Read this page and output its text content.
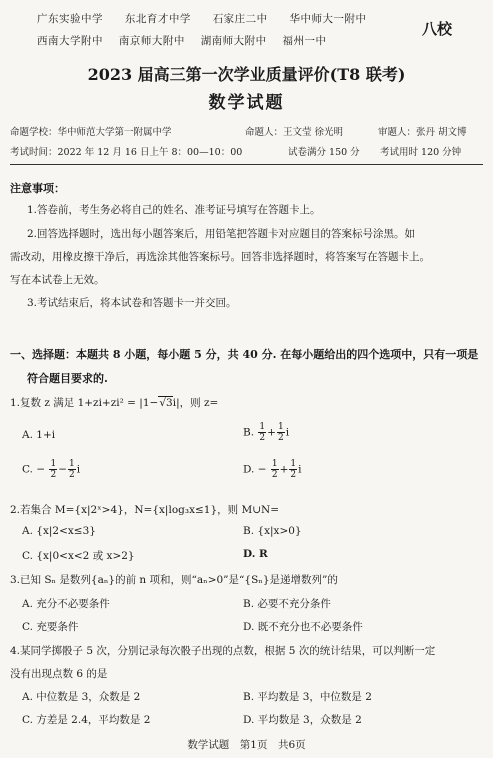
广东实验中学 东北育才中学 石家庄二中 华中师大一附中
西南大学附中 南京师大附中 湖南师大附中 福州一中
八校
2023 届高三第一次学业质量评价(T8 联考)
数学试题
命题学校：华中师范大学第一附属中学	命题人：王文莹 徐光明	审题人：张丹 胡文博
考试时间：2022 年 12 月 16 日上午 8：00—10：00	试卷满分 150 分 考试用时 120 分钟
注意事项：
1.答卷前，考生务必将自己的姓名、准考证号填写在答题卡上。
2.回答选择题时，选出每小题答案后，用铅笔把答题卡对应题目的答案标号涂黑。如
需改动，用橡皮擦干净后，再选涂其他答案标号。回答非选择题时，将答案写在答题卡上。
写在本试卷上无效。
3.考试结束后，将本试卷和答题卡一并交回。
一、选择题：本题共 8 小题，每小题 5 分，共 40 分. 在每小题给出的四个选项中，只有一项是
符合题目要求的.
1.复数 z 满足 1+zi+zi² = |1−√3i|，则 z=
A. 1+i	B. $\frac{1}{2} + \frac{1}{2}$ i
C. − $\frac{1}{2} - \frac{1}{2}$ i	D. − $\frac{1}{2} + \frac{1}{2}$ i
2.若集合 M={x|2ˣ>4}，N={x|log₃x≤1}，则 M∪N=
A. {x|2<x≤3}	B. {x|x>0}
C. {x|0<x<2 或 x>2}	D. R
3.已知 Sₙ 是数列{aₙ}的前 n 项和，则“aₙ>0”是“{Sₙ}是递增数列”的
A. 充分不必要条件	B. 必要不充分条件
C. 充要条件	D. 既不充分也不必要条件
4.某同学掷骰子 5 次，分别记录每次骰子出现的点数，根据 5 次的统计结果，可以判断一定
没有出现点数 6 的是
A. 中位数是 3，众数是 2	B. 平均数是 3，中位数是 2
C. 方差是 2.4，平均数是 2	D. 平均数是 3，众数是 2
数学试题　第1页　共6页
